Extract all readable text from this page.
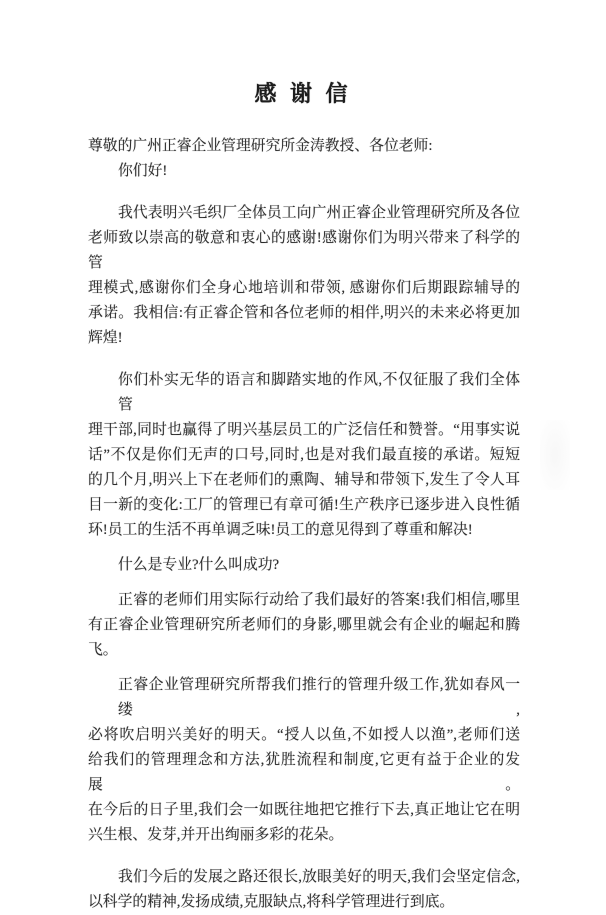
感 谢 信
尊敬的广州正睿企业管理研究所金涛教授、各位老师:
你们好!
我代表明兴毛织厂全体员工向广州正睿企业管理研究所及各位
老师致以崇高的敬意和衷心的感谢!感谢你们为明兴带来了科学的管
理模式,感谢你们全身心地培训和带领, 感谢你们后期跟踪辅导的
承诺。我相信:有正睿企管和各位老师的相伴,明兴的未来必将更加
辉煌!
你们朴实无华的语言和脚踏实地的作风,不仅征服了我们全体管
理干部,同时也赢得了明兴基层员工的广泛信任和赞誉。“用事实说
话”不仅是你们无声的口号,同时,也是对我们最直接的承诺。短短
的几个月,明兴上下在老师们的熏陶、辅导和带领下,发生了令人耳
目一新的变化:工厂的管理已有章可循!生产秩序已逐步进入良性循
环!员工的生活不再单调乏味!员工的意见得到了尊重和解决!
什么是专业?什么叫成功?
正睿的老师们用实际行动给了我们最好的答案!我们相信,哪里
有正睿企业管理研究所老师们的身影,哪里就会有企业的崛起和腾
飞。
正睿企业管理研究所帮我们推行的管理升级工作,犹如春风一缕,
必将吹启明兴美好的明天。“授人以鱼,不如授人以渔”,老师们送
给我们的管理理念和方法,犹胜流程和制度,它更有益于企业的发展。
在今后的日子里,我们会一如既往地把它推行下去,真正地让它在明
兴生根、发芽,并开出绚丽多彩的花朵。
我们今后的发展之路还很长,放眼美好的明天,我们会坚定信念,
以科学的精神,发扬成绩,克服缺点,将科学管理进行到底。
